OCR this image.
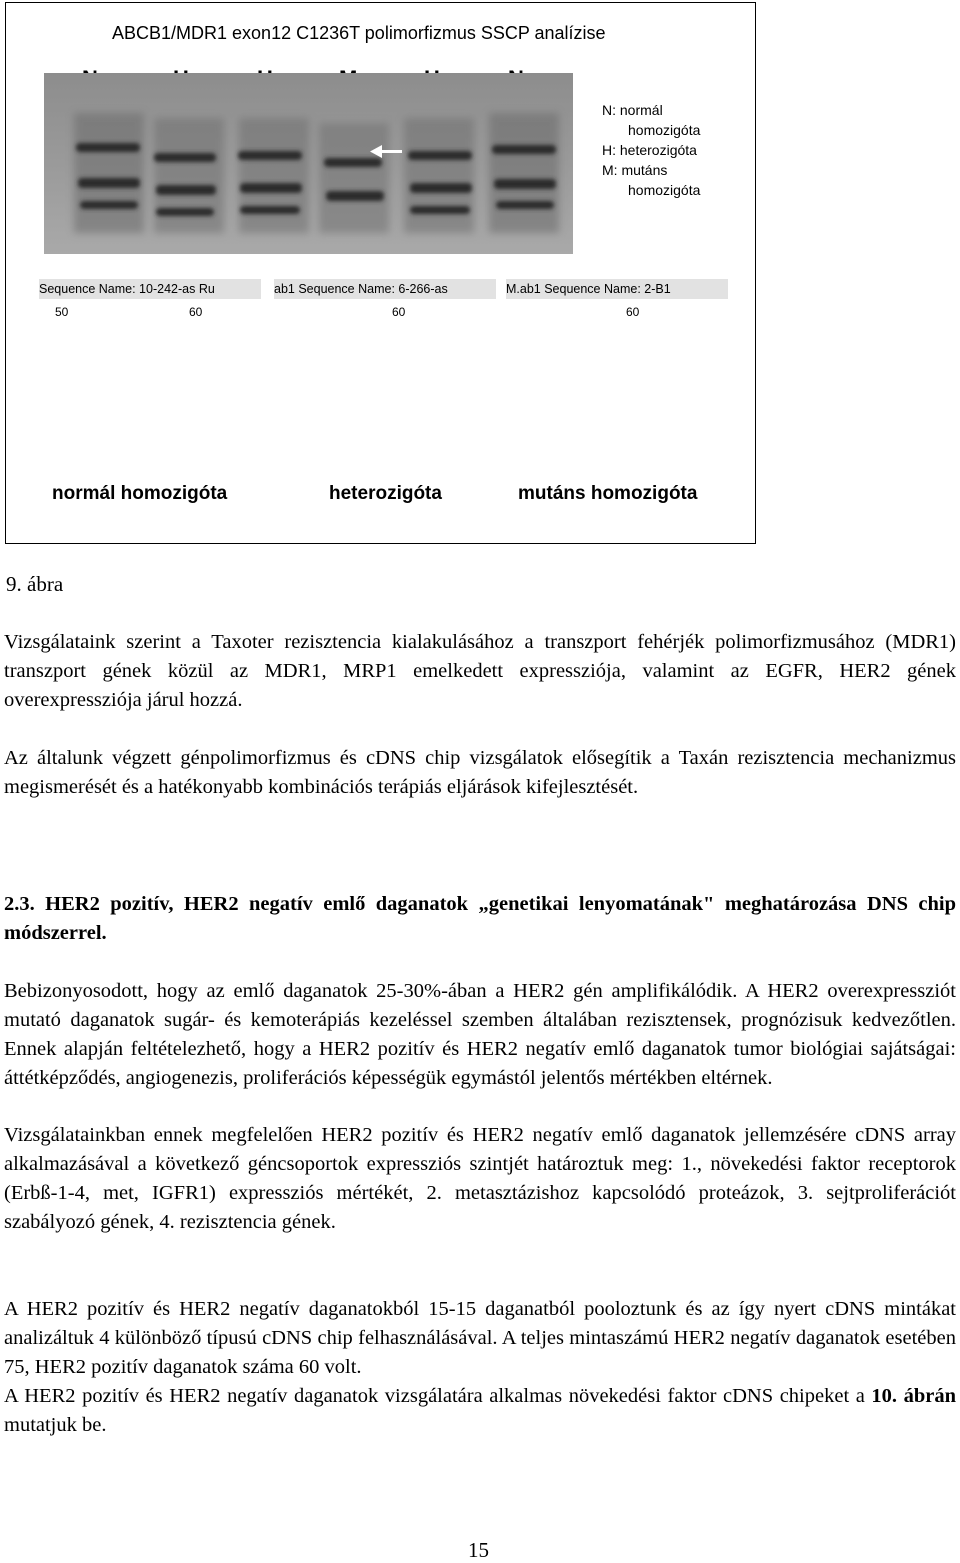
ABCB1/MDR1 exon12 C1236T polimorfizmus SSCP analízise
N: normál
homozigóta
H: heterozigóta
M: mutáns
homozigóta
Sequence Name: 10-242-as Ru
50	60
ab1 Sequence Name: 6-266-as
60
M.ab1 Sequence Name: 2-B1
60
normál homozigóta	heterozigóta	mutáns homozigóta
9. ábra

Vizsgálataink szerint a Taxoter rezisztencia kialakulásához a transzport fehérjék polimorfizmusához (MDR1) transzport gének közül az MDR1, MRP1 emelkedett expressziója, valamint az EGFR, HER2 gének overexpressziója járul hozzá.

Az általunk végzett génpolimorfizmus és cDNS chip vizsgálatok elősegítik a Taxán rezisztencia mechanizmus megismerését és a hatékonyabb kombinációs terápiás eljárások kifejlesztését.

2.3. HER2 pozitív, HER2 negatív emlő daganatok „genetikai lenyomatának" meghatározása DNS chip módszerrel.

Bebizonyosodott, hogy az emlő daganatok 25-30%-ában a HER2 gén amplifikálódik. A HER2 overexpressziót mutató daganatok sugár- és kemoterápiás kezeléssel szemben általában rezisztensek, prognózisuk kedvezőtlen. Ennek alapján feltételezhető, hogy a HER2 pozitív és HER2 negatív emlő daganatok tumor biológiai sajátságai: áttétképződés, angiogenezis, proliferációs képességük egymástól jelentős mértékben eltérnek.

Vizsgálatainkban ennek megfelelően HER2 pozitív és HER2 negatív emlő daganatok jellemzésére cDNS array alkalmazásával a következő géncsoportok expressziós szintjét határoztuk meg: 1., növekedési faktor receptorok (Erbß-1-4, met, IGFR1) expressziós mértékét, 2. metasztázishoz kapcsolódó proteázok, 3. sejtproliferációt szabályozó gének, 4. rezisztencia gének.

A HER2 pozitív és HER2 negatív daganatokból 15-15 daganatból pooloztunk és az így nyert cDNS mintákat analizáltuk 4 különböző típusú cDNS chip felhasználásával. A teljes mintaszámú HER2 negatív daganatok esetében 75, HER2 pozitív daganatok száma 60 volt.

A HER2 pozitív és HER2 negatív daganatok vizsgálatára alkalmas növekedési faktor cDNS chipeket a 10. ábrán mutatjuk be.

15
